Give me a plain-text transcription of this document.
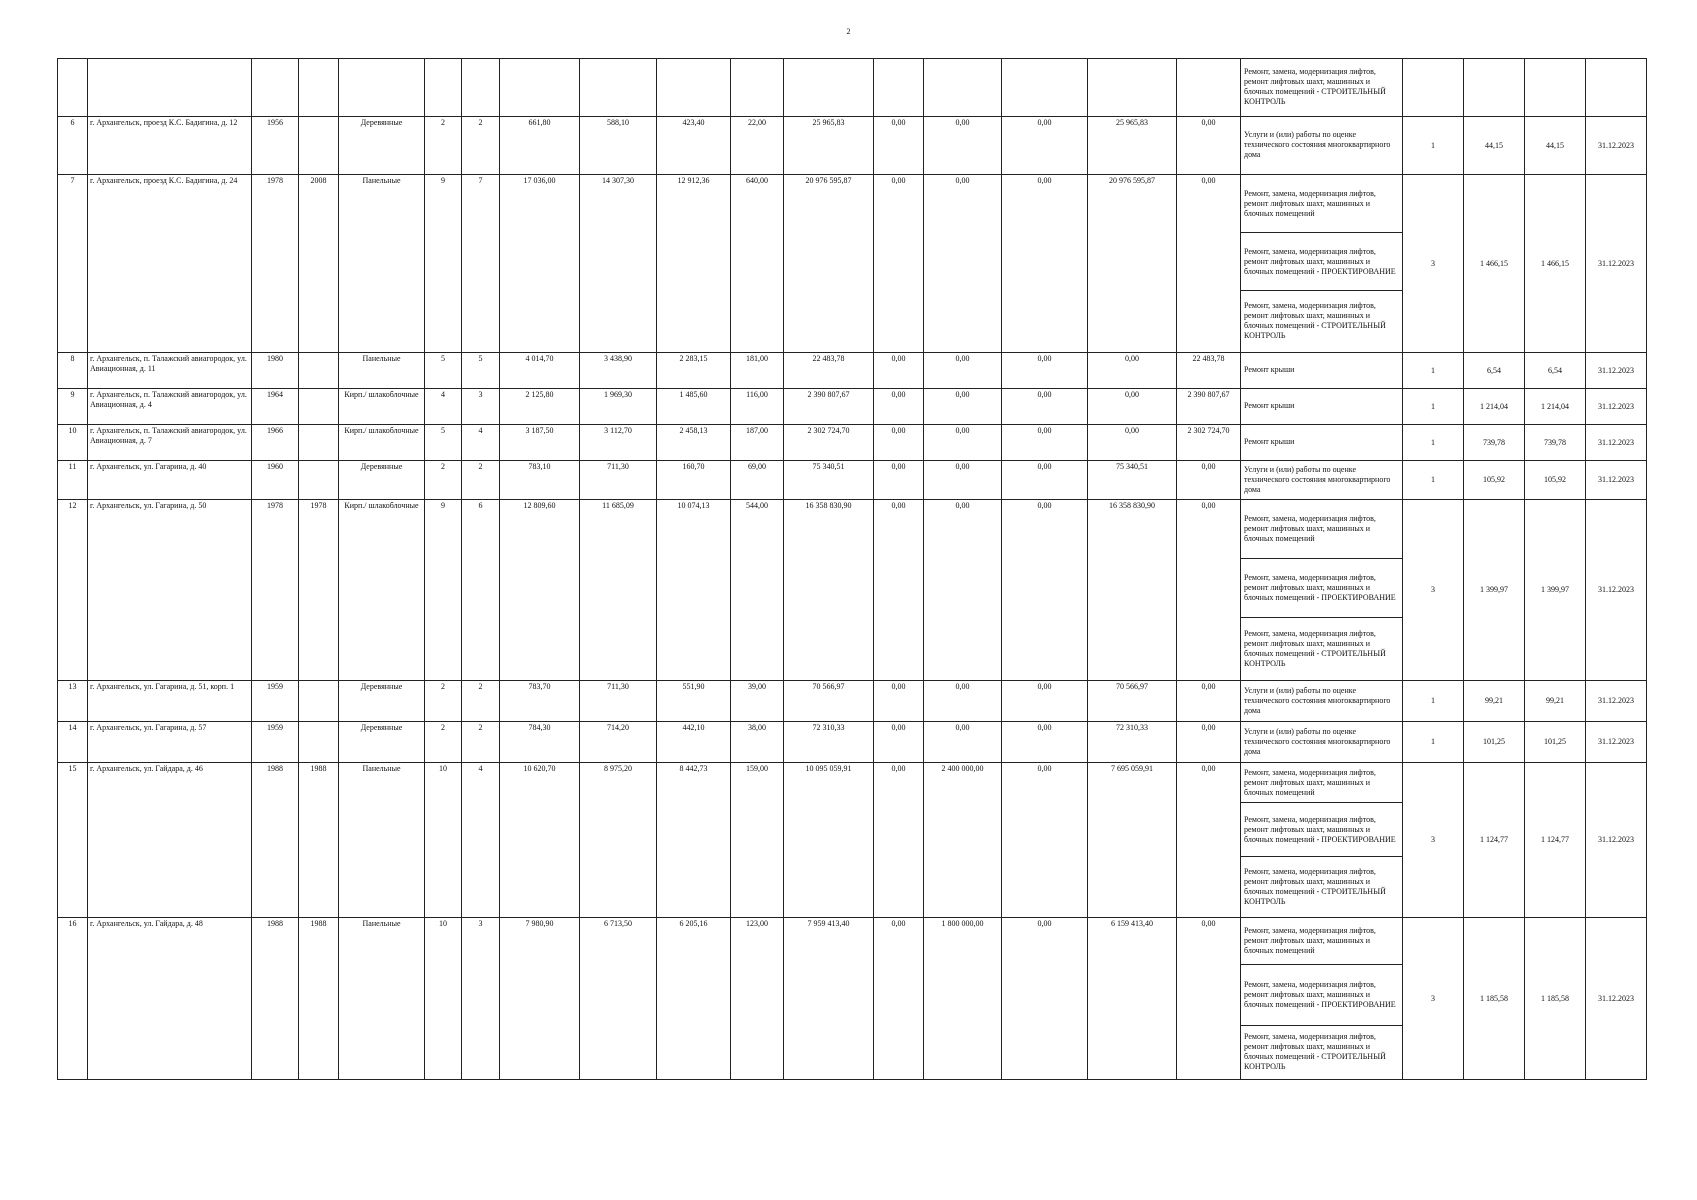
2

																	Ремонт, замена, модернизация лифтов, ремонт лифтовых шахт, машинных и блочных помещений - СТРОИТЕЛЬНЫЙ КОНТРОЛЬ				

6	г. Архангельск, проезд К.С. Бадигина, д. 12	1956		Деревянные	2	2	661,80	588,10	423,40	22,00	25 965,83	0,00	0,00	0,00	25 965,83	0,00	Услуги и (или) работы по оценке технического состояния многоквартирного дома	1	44,15	44,15	31.12.2023
7	г. Архангельск, проезд К.С. Бадигина, д. 24	1978	2008	Панельные	9	7	17 036,00	14 307,30	12 912,36	640,00	20 976 595,87	0,00	0,00	0,00	20 976 595,87	0,00	Ремонт, замена, модернизация лифтов, ремонт лифтовых шахт, машинных и блочных помещений
Ремонт, замена, модернизация лифтов, ремонт лифтовых шахт, машинных и блочных помещений - ПРОЕКТИРОВАНИЕ
Ремонт, замена, модернизация лифтов, ремонт лифтовых шахт, машинных и блочных помещений - СТРОИТЕЛЬНЫЙ КОНТРОЛЬ	3	1 466,15	1 466,15	31.12.2023
8	г. Архангельск, п. Талажский авиагородок, ул. Авиационная, д. 11	1980		Панельные	5	5	4 014,70	3 438,90	2 283,15	181,00	22 483,78	0,00	0,00	0,00	0,00	22 483,78	Ремонт крыши	1	6,54	6,54	31.12.2023
9	г. Архангельск, п. Талажский авиагородок, ул. Авиационная, д. 4	1964		Кирп./ шлакоблочные	4	3	2 125,80	1 969,30	1 485,60	116,00	2 390 807,67	0,00	0,00	0,00	0,00	2 390 807,67	Ремонт крыши	1	1 214,04	1 214,04	31.12.2023
10	г. Архангельск, п. Талажский авиагородок, ул. Авиационная, д. 7	1966		Кирп./ шлакоблочные	5	4	3 187,50	3 112,70	2 458,13	187,00	2 302 724,70	0,00	0,00	0,00	0,00	2 302 724,70	Ремонт крыши	1	739,78	739,78	31.12.2023
11	г. Архангельск, ул. Гагарина, д. 40	1960		Деревянные	2	2	783,10	711,30	160,70	69,00	75 340,51	0,00	0,00	0,00	75 340,51	0,00	Услуги и (или) работы по оценке технического состояния многоквартирного дома	1	105,92	105,92	31.12.2023
12	г. Архангельск, ул. Гагарина, д. 50	1978	1978	Кирп./ шлакоблочные	9	6	12 809,60	11 685,09	10 074,13	544,00	16 358 830,90	0,00	0,00	0,00	16 358 830,90	0,00	Ремонт, замена, модернизация лифтов, ремонт лифтовых шахт, машинных и блочных помещений
Ремонт, замена, модернизация лифтов, ремонт лифтовых шахт, машинных и блочных помещений - ПРОЕКТИРОВАНИЕ
Ремонт, замена, модернизация лифтов, ремонт лифтовых шахт, машинных и блочных помещений - СТРОИТЕЛЬНЫЙ КОНТРОЛЬ	3	1 399,97	1 399,97	31.12.2023
13	г. Архангельск, ул. Гагарина, д. 51, корп. 1	1959		Деревянные	2	2	783,70	711,30	551,90	39,00	70 566,97	0,00	0,00	0,00	70 566,97	0,00	Услуги и (или) работы по оценке технического состояния многоквартирного дома	1	99,21	99,21	31.12.2023
14	г. Архангельск, ул. Гагарина, д. 57	1959		Деревянные	2	2	784,30	714,20	442,10	38,00	72 310,33	0,00	0,00	0,00	72 310,33	0,00	Услуги и (или) работы по оценке технического состояния многоквартирного дома	1	101,25	101,25	31.12.2023
15	г. Архангельск, ул. Гайдара, д. 46	1988	1988	Панельные	10	4	10 620,70	8 975,20	8 442,73	159,00	10 095 059,91	0,00	2 400 000,00	0,00	7 695 059,91	0,00	Ремонт, замена, модернизация лифтов, ремонт лифтовых шахт, машинных и блочных помещений
Ремонт, замена, модернизация лифтов, ремонт лифтовых шахт, машинных и блочных помещений - ПРОЕКТИРОВАНИЕ
Ремонт, замена, модернизация лифтов, ремонт лифтовых шахт, машинных и блочных помещений - СТРОИТЕЛЬНЫЙ КОНТРОЛЬ	3	1 124,77	1 124,77	31.12.2023
16	г. Архангельск, ул. Гайдара, д. 48	1988	1988	Панельные	10	3	7 980,90	6 713,50	6 205,16	123,00	7 959 413,40	0,00	1 800 000,00	0,00	6 159 413,40	0,00	Ремонт, замена, модернизация лифтов, ремонт лифтовых шахт, машинных и блочных помещений
Ремонт, замена, модернизация лифтов, ремонт лифтовых шахт, машинных и блочных помещений - ПРОЕКТИРОВАНИЕ
Ремонт, замена, модернизация лифтов, ремонт лифтовых шахт, машинных и блочных помещений - СТРОИТЕЛЬНЫЙ КОНТРОЛЬ	3	1 185,58	1 185,58	31.12.2023
